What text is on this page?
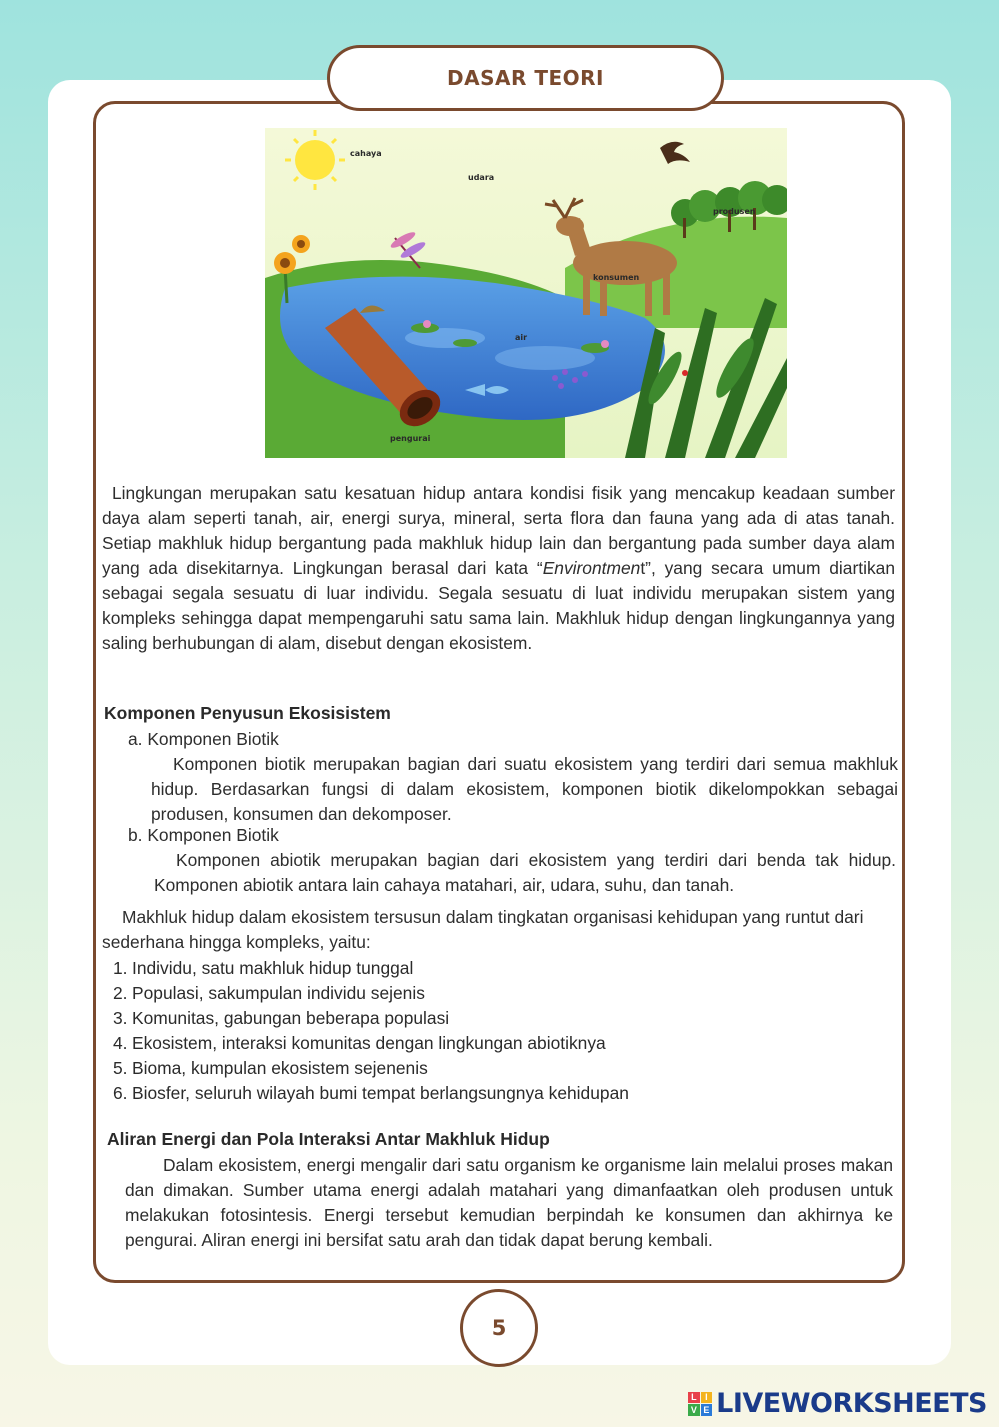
DASAR TEORI
cahaya
udara
produsen
konsumen
air
pengurai
Lingkungan merupakan satu kesatuan hidup antara kondisi fisik yang mencakup keadaan sumber daya alam seperti tanah, air, energi surya, mineral, serta flora dan fauna yang ada di atas tanah. Setiap makhluk hidup bergantung pada makhluk hidup lain dan bergantung pada sumber daya alam yang ada disekitarnya. Lingkungan berasal dari kata “Environtment”, yang secara umum diartikan sebagai segala sesuatu di luar individu. Segala sesuatu di luat individu merupakan sistem yang kompleks sehingga dapat mempengaruhi satu sama lain. Makhluk hidup dengan lingkungannya yang saling berhubungan di alam, disebut dengan ekosistem.
Komponen Penyusun Ekosisistem
a. Komponen Biotik
Komponen biotik merupakan bagian dari suatu ekosistem yang terdiri dari semua makhluk hidup. Berdasarkan fungsi di dalam ekosistem, komponen biotik dikelompokkan sebagai produsen, konsumen dan dekomposer.
b. Komponen Biotik
Komponen abiotik merupakan bagian dari ekosistem yang terdiri dari benda tak hidup. Komponen abiotik antara lain cahaya matahari, air, udara, suhu, dan tanah.
Makhluk hidup dalam ekosistem tersusun dalam tingkatan organisasi kehidupan yang runtut dari sederhana hingga kompleks, yaitu:
1. Individu, satu makhluk hidup tunggal
2. Populasi, sakumpulan individu sejenis
3. Komunitas, gabungan beberapa populasi
4. Ekosistem, interaksi komunitas dengan lingkungan abiotiknya
5. Bioma, kumpulan ekosistem sejenenis
6. Biosfer, seluruh wilayah bumi tempat berlangsungnya kehidupan
Aliran Energi dan Pola Interaksi Antar Makhluk Hidup
Dalam ekosistem, energi mengalir dari satu organism ke organisme lain melalui proses makan dan dimakan. Sumber utama energi adalah matahari yang dimanfaatkan oleh produsen untuk melakukan fotosintesis. Energi tersebut kemudian berpindah ke konsumen dan akhirnya ke pengurai. Aliran energi ini bersifat satu arah dan tidak dapat berung kembali.
5
L I
V E LIVEWORKSHEETS
